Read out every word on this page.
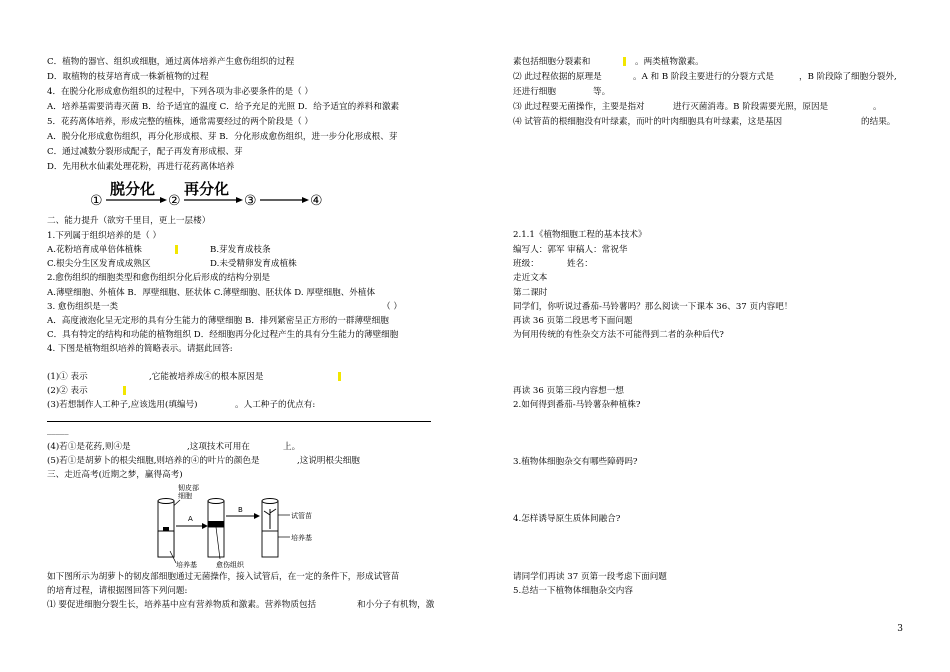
C．植物的器官、组织或细胞，通过离体培养产生愈伤组织的过程
D．取植物的枝芽培育成一株新植物的过程
4．在脱分化形成愈伤组织的过程中，下列各项为非必要条件的是（ ）
A．培养基需要消毒灭菌 B．给予适宜的温度 C．给予充足的光照 D．给予适宜的养料和激素
5．花药离体培养，形成完整的植株，通常需要经过的两个阶段是（ ）
A．脱分化形成愈伤组织，再分化形成根、芽 B．分化形成愈伤组织，进一步分化形成根、芽
C．通过减数分裂形成配子，配子再发育形成根、芽
D．先用秋水仙素处理花粉，再进行花药离体培养
①
脱分化
②
再分化
③	④
二、能力提升（欲穷千里目，更上一层楼）
1.下列属于组织培养的是（ ）
A.花粉培育成单倍体植株	B.芽发育成枝条
C.根尖分生区发育成成熟区	D.未受精卵发育成植株
2.愈伤组织的细胞类型和愈伤组织分化后形成的结构分别是
A.薄壁细胞、外植体 B．厚壁细胞、胚状体 C.薄壁细胞、胚状体 D. 厚壁细胞、外植体
3. 愈伤组织是一类	（ ）
A．高度液泡化呈无定形的具有分生能力的薄壁细胞 B．排列紧密呈正方形的一群薄壁细胞
C．具有特定的结构和功能的植物组织 D．经细胞再分化过程产生的具有分生能力的薄壁细胞
4. 下图是植物组织培养的简略表示。请据此回答:
(1)① 表示	,它能被培养成④的根本原因是
(2)② 表示
(3)若想制作人工种子,应该选用(填编号)	。人工种子的优点有:
_____
(4)若①是花药,则④是	,这项技术可用在	上。
(5)若①是胡萝卜的根尖细胞,则培养的④的叶片的颜色是	,这说明根尖细胞
三、走近高考(近期之梦，赢得高考)
韧皮部
细胞
A
B
试管苗
培养基
培养基	愈伤组织
如下图所示为胡萝卜的韧皮部细胞通过无菌操作，接入试管后，在一定的条件下，形成试管苗
的培育过程，请根据图回答下列问题:
⑴ 要促进细胞分裂生长，培养基中应有营养物质和激素。营养物质包括	和小分子有机物，激
素包括细胞分裂素和	。两类植物激素。
⑵ 此过程依据的原理是	。A 和 B 阶段主要进行的分裂方式是	，B 阶段除了细胞分裂外,
还进行细胞	等。
⑶ 此过程要无菌操作，主要是指对	进行灭菌消毒。B 阶段需要光照，原因是	。
⑷ 试管苗的根细胞没有叶绿素，而叶的叶肉细胞具有叶绿素，这是基因	的结果。
2.1.1《植物细胞工程的基本技术》
编写人：郭军 审稿人：常祝华
班级：	姓名：
走近文本
第二课时
同学们，你听说过番茄-马铃薯吗？那么阅读一下课本 36、37 页内容吧！
再读 36 页第二段思考下面问题
为何用传统的有性杂交方法不可能得到二者的杂种后代?
再读 36 页第三段内容想一想
2.如何得到番茄-马铃薯杂种植株?
3.植物体细胞杂交有哪些障碍吗?
4.怎样诱导原生质体间融合?
请同学们再读 37 页第一段考虑下面问题
5.总结一下植物体细胞杂交内容
3
